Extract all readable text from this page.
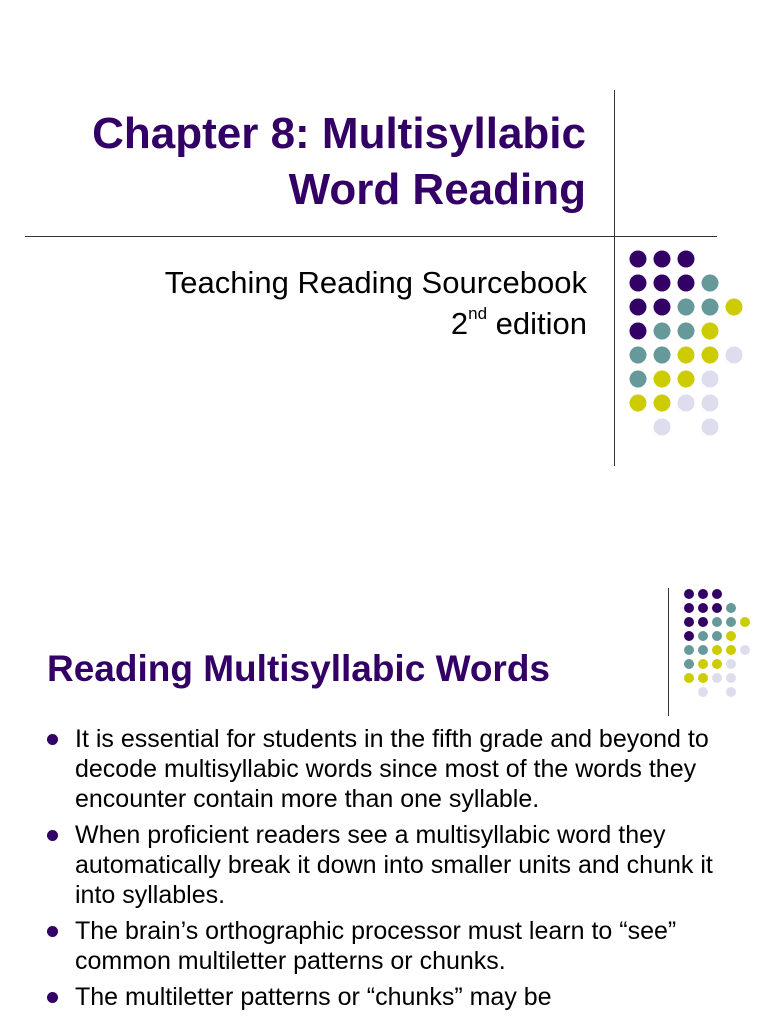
Chapter 8: Multisyllabic
Word Reading
Teaching Reading Sourcebook
2nd edition
Reading Multisyllabic Words
It is essential for students in the fifth grade and beyond to decode multisyllabic words since most of the words they encounter contain more than one syllable.
When proficient readers see a multisyllabic word they automatically break it down into smaller units and chunk it into syllables.
The brain’s orthographic processor must learn to “see” common multiletter patterns or chunks.
The multiletter patterns or “chunks” may be
